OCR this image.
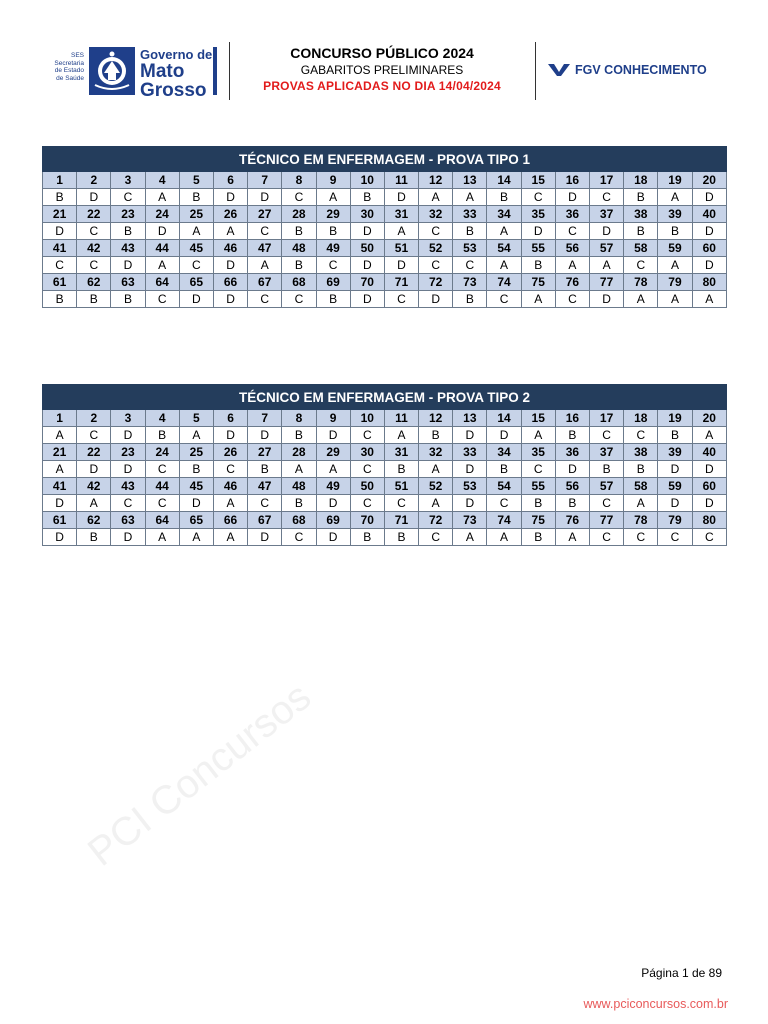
SES
Secretaria
de Estado
de Saúde
Governo de
Mato
Grosso
CONCURSO PÚBLICO 2024
GABARITOS PRELIMINARES
PROVAS APLICADAS NO DIA 14/04/2024
FGV CONHECIMENTO
TÉCNICO EM ENFERMAGEM - PROVA TIPO 1																			
1	2	3	4	5	6	7	8	9	10	11	12	13	14	15	16	17	18	19	20
B	D	C	A	B	D	D	C	A	B	D	A	A	B	C	D	C	B	A	D
21	22	23	24	25	26	27	28	29	30	31	32	33	34	35	36	37	38	39	40
D	C	B	D	A	A	C	B	B	D	A	C	B	A	D	C	D	B	B	D
41	42	43	44	45	46	47	48	49	50	51	52	53	54	55	56	57	58	59	60
C	C	D	A	C	D	A	B	C	D	D	C	C	A	B	A	A	C	A	D
61	62	63	64	65	66	67	68	69	70	71	72	73	74	75	76	77	78	79	80
B	B	B	C	D	D	C	C	B	D	C	D	B	C	A	C	D	A	A	A
TÉCNICO EM ENFERMAGEM - PROVA TIPO 2																			
1	2	3	4	5	6	7	8	9	10	11	12	13	14	15	16	17	18	19	20
A	C	D	B	A	D	D	B	D	C	A	B	D	D	A	B	C	C	B	A
21	22	23	24	25	26	27	28	29	30	31	32	33	34	35	36	37	38	39	40
A	D	D	C	B	C	B	A	A	C	B	A	D	B	C	D	B	B	D	D
41	42	43	44	45	46	47	48	49	50	51	52	53	54	55	56	57	58	59	60
D	A	C	C	D	A	C	B	D	C	C	A	D	C	B	B	C	A	D	D
61	62	63	64	65	66	67	68	69	70	71	72	73	74	75	76	77	78	79	80
D	B	D	A	A	A	D	C	D	B	B	C	A	A	B	A	C	C	C	C
PCI Concursos
Página 1 de 89
www.pciconcursos.com.br
